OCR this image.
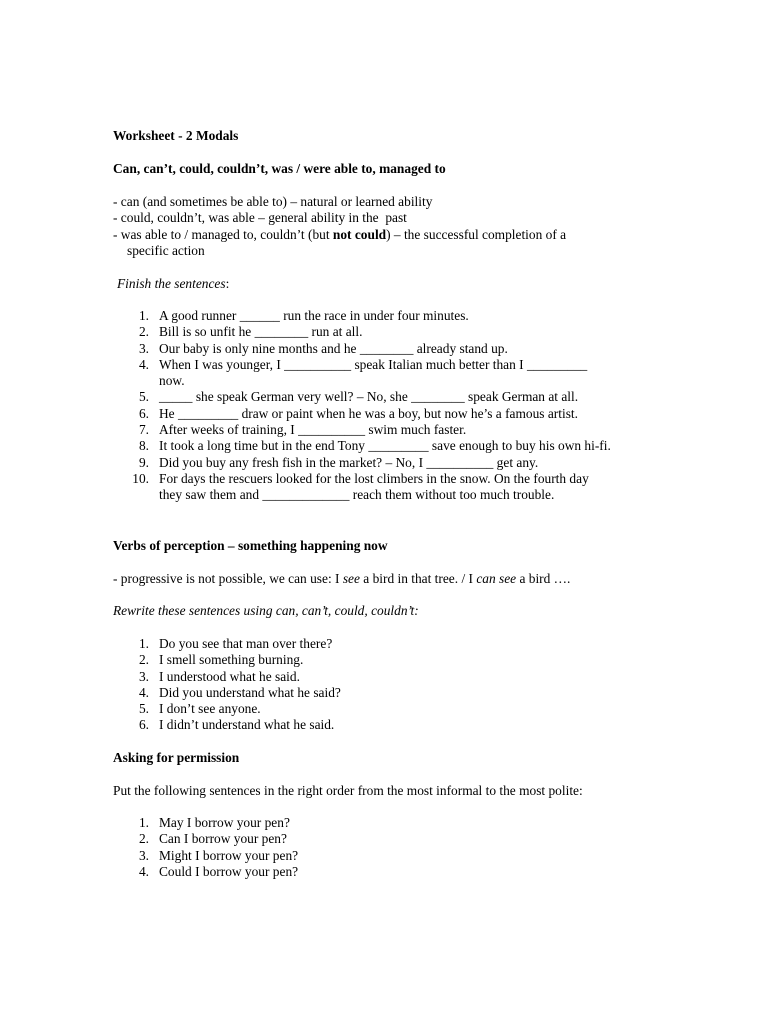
Worksheet - 2 Modals
Can, can’t, could, couldn’t, was / were able to, managed to
- can (and sometimes be able to) – natural or learned ability
- could, couldn’t, was able – general ability in the  past
- was able to / managed to, couldn’t (but not could) – the successful completion of a
specific action
Finish the sentences:
1. A good runner ______ run the race in under four minutes.
2. Bill is so unfit he ________ run at all.
3. Our baby is only nine months and he ________ already stand up.
4. When I was younger, I __________ speak Italian much better than I _________
now.
5. _____ she speak German very well? – No, she ________ speak German at all.
6. He _________ draw or paint when he was a boy, but now he’s a famous artist.
7. After weeks of training, I __________ swim much faster.
8. It took a long time but in the end Tony _________ save enough to buy his own hi-fi.
9. Did you buy any fresh fish in the market? – No, I __________ get any.
10. For days the rescuers looked for the lost climbers in the snow. On the fourth day
they saw them and _____________ reach them without too much trouble.
Verbs of perception – something happening now
- progressive is not possible, we can use: I see a bird in that tree. / I can see a bird ….
Rewrite these sentences using can, can’t, could, couldn’t:
1. Do you see that man over there?
2. I smell something burning.
3. I understood what he said.
4. Did you understand what he said?
5. I don’t see anyone.
6. I didn’t understand what he said.
Asking for permission
Put the following sentences in the right order from the most informal to the most polite:
1. May I borrow your pen?
2. Can I borrow your pen?
3. Might I borrow your pen?
4. Could I borrow your pen?
